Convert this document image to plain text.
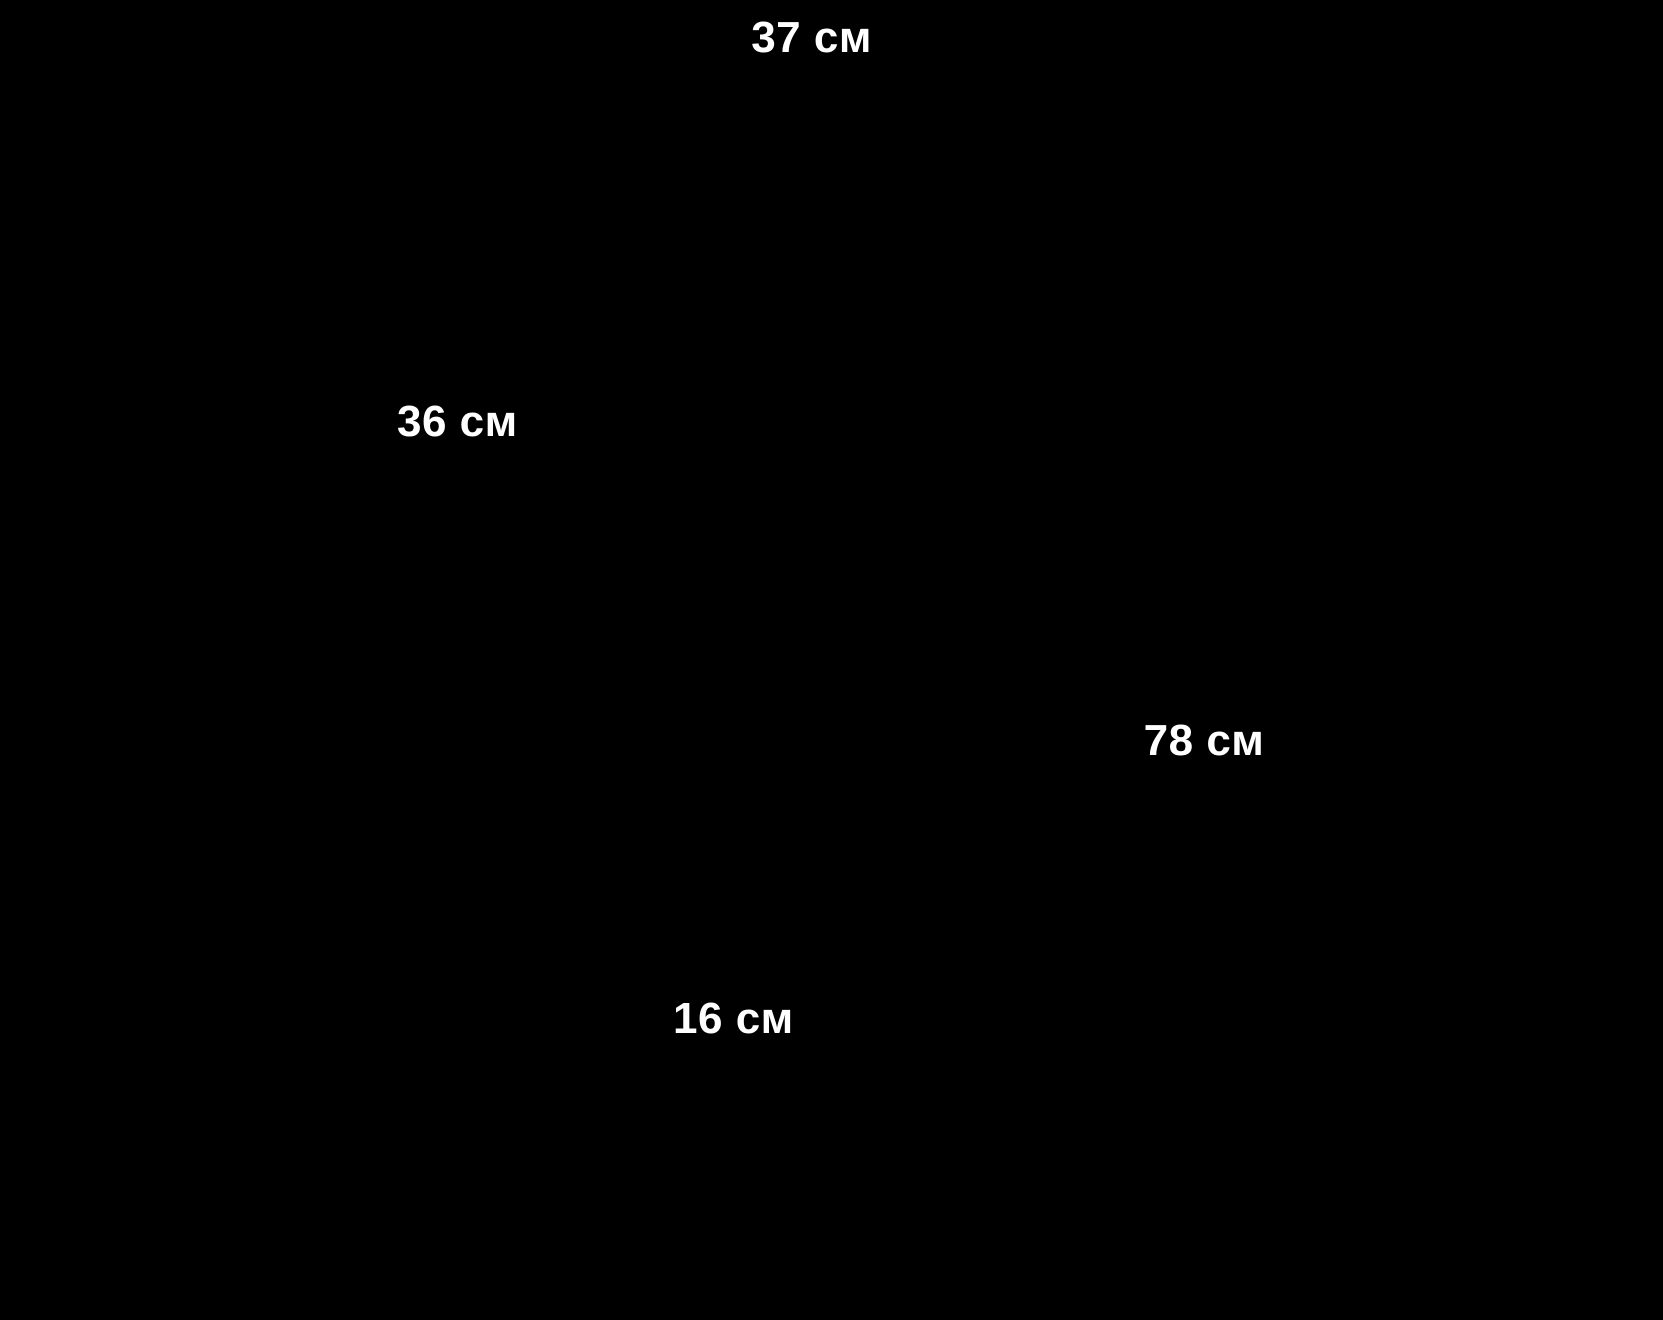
37 см
36 см
78 см
16 см
